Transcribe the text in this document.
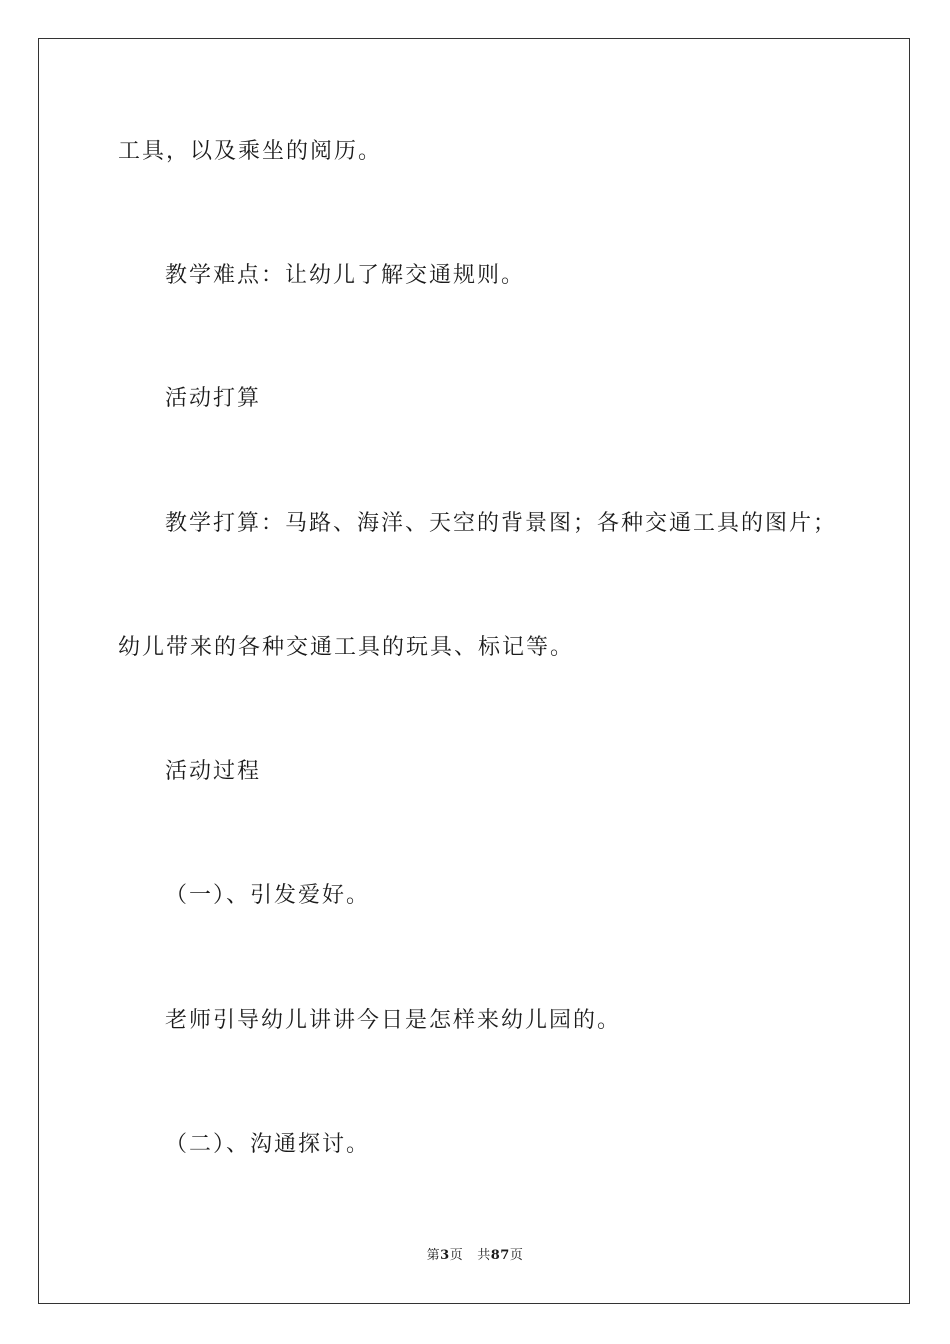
工具，以及乘坐的阅历。
教学难点：让幼儿了解交通规则。
活动打算
教学打算：马路、海洋、天空的背景图；各种交通工具的图片；
幼儿带来的各种交通工具的玩具、标记等。
活动过程
（一）、引发爱好。
老师引导幼儿讲讲今日是怎样来幼儿园的。
（二）、沟通探讨。
第3页 共87页
